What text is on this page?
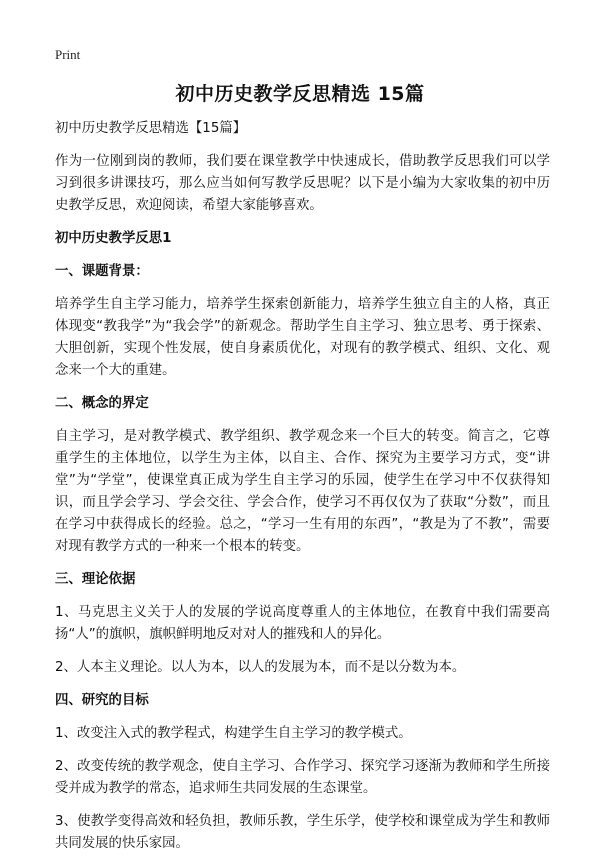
Print
初中历史教学反思精选 15篇

初中历史教学反思精选【15篇】

作为一位刚到岗的教师，我们要在课堂教学中快速成长，借助教学反思我们可以学习到很多讲课技巧，那么应当如何写教学反思呢？以下是小编为大家收集的初中历史教学反思，欢迎阅读，希望大家能够喜欢。

初中历史教学反思1

一、课题背景：

培养学生自主学习能力，培养学生探索创新能力，培养学生独立自主的人格，真正体现变“教我学”为“我会学”的新观念。帮助学生自主学习、独立思考、勇于探索、大胆创新，实现个性发展，使自身素质优化，对现有的教学模式、组织、文化、观念来一个大的重建。

二、概念的界定

自主学习，是对教学模式、教学组织、教学观念来一个巨大的转变。简言之，它尊重学生的主体地位，以学生为主体，以自主、合作、探究为主要学习方式，变“讲堂”为“学堂”，使课堂真正成为学生自主学习的乐园，使学生在学习中不仅获得知识，而且学会学习、学会交往、学会合作，使学习不再仅仅为了获取“分数”，而且在学习中获得成长的经验。总之，“学习一生有用的东西”，“教是为了不教”，需要对现有教学方式的一种来一个根本的转变。

三、理论依据

1、马克思主义关于人的发展的学说高度尊重人的主体地位，在教育中我们需要高扬“人”的旗帜，旗帜鲜明地反对对人的摧残和人的异化。

2、人本主义理论。以人为本，以人的发展为本，而不是以分数为本。

四、研究的目标

1、改变注入式的教学程式，构建学生自主学习的教学模式。

2、改变传统的教学观念，使自主学习、合作学习、探究学习逐渐为教师和学生所接受并成为教学的常态，追求师生共同发展的生态课堂。

3、使教学变得高效和轻负担，教师乐教，学生乐学，使学校和课堂成为学生和教师共同发展的快乐家园。
